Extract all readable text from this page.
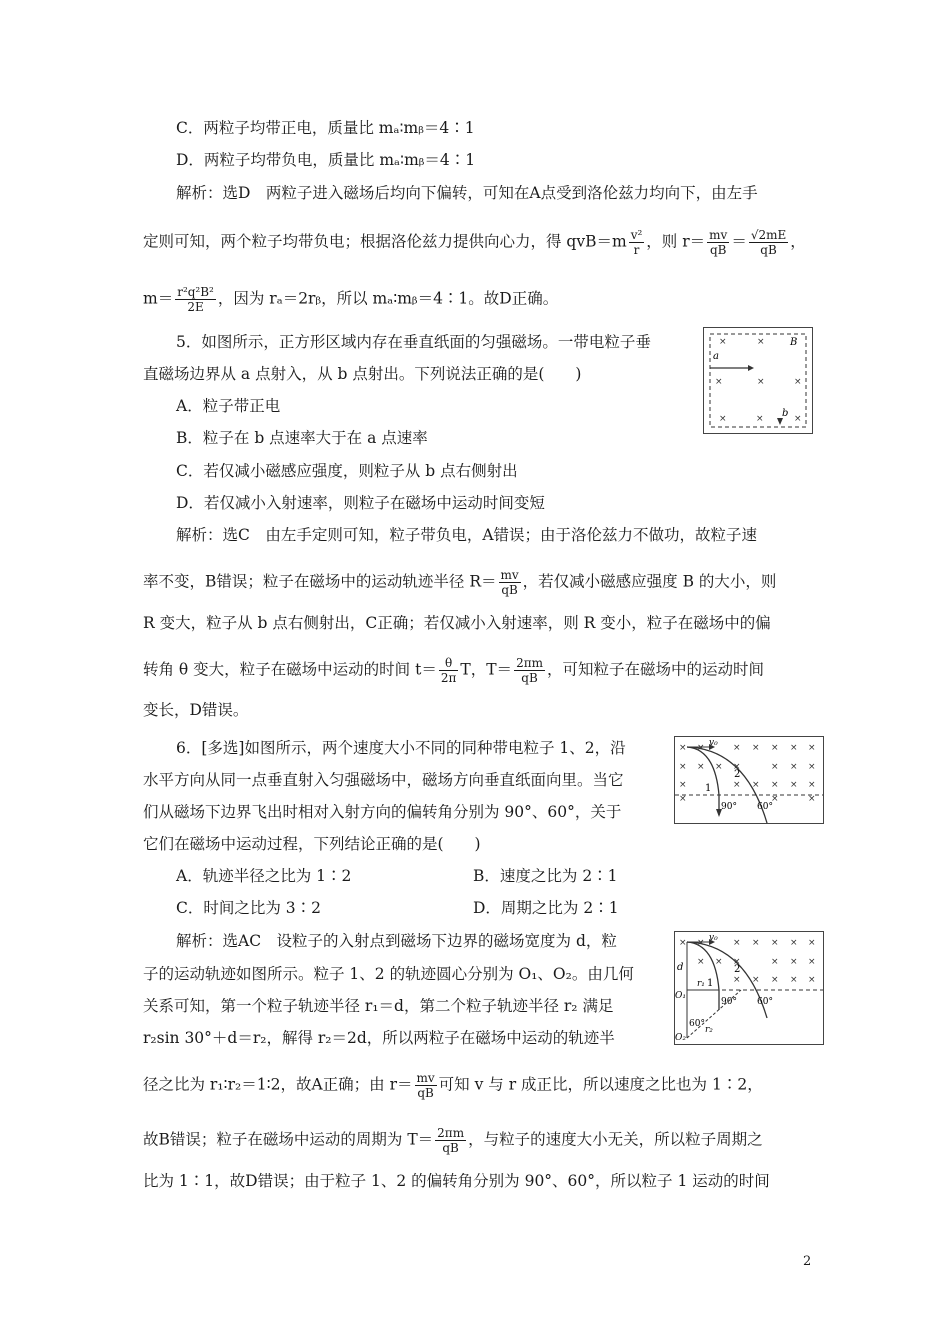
C．两粒子均带正电，质量比 mₐ∶mᵦ＝4∶1
D．两粒子均带负电，质量比 mₐ∶mᵦ＝4∶1
解析：选D　两粒子进入磁场后均向下偏转，可知在A点受到洛伦兹力均向下，由左手
定则可知，两个粒子均带负电；根据洛伦兹力提供向心力，得 $qvB=m \frac{\text{v²}}{r}$ ，则 $r= \frac{mv}{qB} = \frac{√2mE}{qB}$ ，
$m= \frac{\text{r²q²B²}}{2E}$ ，因为 rₐ＝2rᵦ，所以 mₐ∶mᵦ＝4∶1。故D正确。
5．如图所示，正方形区域内存在垂直纸面的匀强磁场。一带电粒子垂
直磁场边界从 a 点射入，从 b 点射出。下列说法正确的是(　　)
A．粒子带正电
B．粒子在 b 点速率大于在 a 点速率
C．若仅减小磁感应强度，则粒子从 b 点右侧射出
D．若仅减小入射速率，则粒子在磁场中运动时间变短
解析：选C　由左手定则可知，粒子带负电，A错误；由于洛伦兹力不做功，故粒子速
率不变，B错误；粒子在磁场中的运动轨迹半径 $R= \frac{mv}{qB}$ ，若仅减小磁感应强度 B 的大小，则
R 变大，粒子从 b 点右侧射出，C正确；若仅减小入射速率，则 R 变小，粒子在磁场中的偏
转角 θ 变大，粒子在磁场中运动的时间 $t= \frac{\theta}{2\pi}$ T，$T= \frac{2\pi m}{qB}$ ，可知粒子在磁场中的运动时间
变长，D错误。
×	×
×	×	×
×	×	×
a
b
B
6．[多选]如图所示，两个速度大小不同的同种带电粒子 1、2，沿
水平方向从同一点垂直射入匀强磁场中，磁场方向垂直纸面向里。当它
们从磁场下边界飞出时相对入射方向的偏转角分别为 90°、60°，关于
它们在磁场中运动过程，下列结论正确的是(　　)
A．轨迹半径之比为 1∶2	B．速度之比为 2∶1
C．时间之比为 3∶2	D．周期之比为 2∶1
解析：选AC　设粒子的入射点到磁场下边界的磁场宽度为 d，粒
子的运动轨迹如图所示。粒子 1、2 的轨迹圆心分别为 O₁、O₂。由几何
关系可知，第一个粒子轨迹半径 r₁＝d，第二个粒子轨迹半径 r₂ 满足
r₂sin 30°＋d＝r₂，解得 r₂＝2d，所以两粒子在磁场中运动的轨迹半
径之比为 r₁∶r₂＝1∶2，故A正确；由 $r= \frac{mv}{qB}$ 可知 v 与 r 成正比，所以速度之比也为 1∶2，
故B错误；粒子在磁场中运动的周期为 $T= \frac{2\pi m}{qB}$ ，与粒子的速度大小无关，所以粒子周期之
比为 1∶1，故D错误；由于粒子 1、2 的偏转角分别为 90°、60°，所以粒子 1 运动的时间
× ×	× × × × ×
× × × ×	× × ×
×	× × × × ×
×	×	×
v₀
1
2
90° 60°
× ×	× × × × ×
× × ×	× × ×
× × × × ×
v₀
d
O₁
O₂
r₁
r₂
1
2
90° 60°
60°
2
